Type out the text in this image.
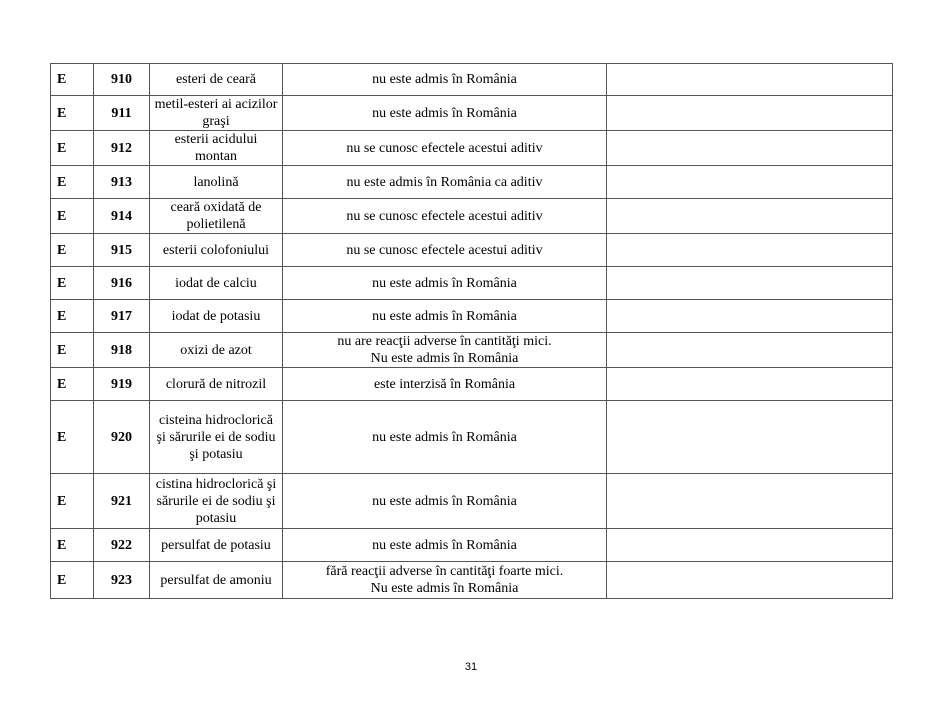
E	910	esteri de ceară	nu este admis în România	
E	911	metil-esteri ai acizilor graşi	nu este admis în România	
E	912	esterii acidului montan	nu se cunosc efectele acestui aditiv	
E	913	lanolină	nu este admis în România ca aditiv	
E	914	ceară oxidată de polietilenă	nu se cunosc efectele acestui aditiv	
E	915	esterii colofoniului	nu se cunosc efectele acestui aditiv	
E	916	iodat de calciu	nu este admis în România	
E	917	iodat de potasiu	nu este admis în România	
E	918	oxizi de azot	nu are reacţii adverse în cantităţi mici.
Nu este admis în România	
E	919	clorură de nitrozil	este interzisă în România	
E	920	cisteina hidroclorică şi sărurile ei de sodiu şi potasiu	nu este admis în România	
E	921	cistina hidroclorică şi sărurile ei de sodiu şi potasiu	nu este admis în România	
E	922	persulfat de potasiu	nu este admis în România	
E	923	persulfat de amoniu	fără reacţii adverse în cantităţi foarte mici.
Nu este admis în România	
31
